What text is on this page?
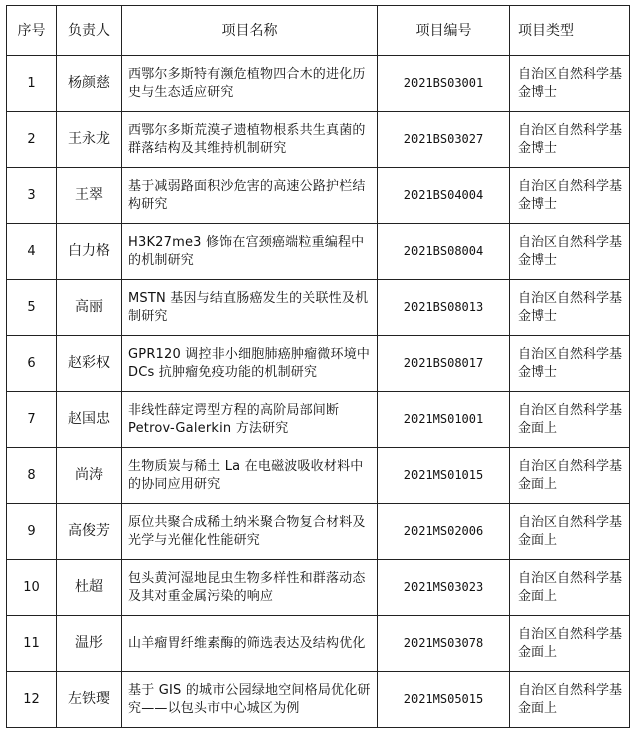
序号	负责人	项目名称	项目编号	项目类型

1	杨颜慈	西鄂尔多斯特有濒危植物四合木的进化历史与生态适应研究	2021BS03001	自治区自然科学基金博士

2	王永龙	西鄂尔多斯荒漠孑遗植物根系共生真菌的群落结构及其维持机制研究	2021BS03027	自治区自然科学基金博士

3	王翠	基于减弱路面积沙危害的高速公路护栏结构研究	2021BS04004	自治区自然科学基金博士

4	白力格	H3K27me3 修饰在宫颈癌端粒重编程中的机制研究	2021BS08004	自治区自然科学基金博士

5	高丽	MSTN 基因与结直肠癌发生的关联性及机制研究	2021BS08013	自治区自然科学基金博士

6	赵彩权	GPR120 调控非小细胞肺癌肿瘤微环境中 DCs 抗肿瘤免疫功能的机制研究	2021BS08017	自治区自然科学基金博士

7	赵国忠	非线性薛定谔型方程的高阶局部间断 Petrov-Galerkin 方法研究	2021MS01001	自治区自然科学基金面上

8	尚涛	生物质炭与稀土 La 在电磁波吸收材料中的协同应用研究	2021MS01015	自治区自然科学基金面上

9	高俊芳	原位共聚合成稀土纳米聚合物复合材料及光学与光催化性能研究	2021MS02006	自治区自然科学基金面上

10	杜超	包头黄河湿地昆虫生物多样性和群落动态及其对重金属污染的响应	2021MS03023	自治区自然科学基金面上

11	温彤	山羊瘤胃纤维素酶的筛选表达及结构优化	2021MS03078	自治区自然科学基金面上

12	左铁璎	基于 GIS 的城市公园绿地空间格局优化研究——以包头市中心城区为例	2021MS05015	自治区自然科学基金面上
